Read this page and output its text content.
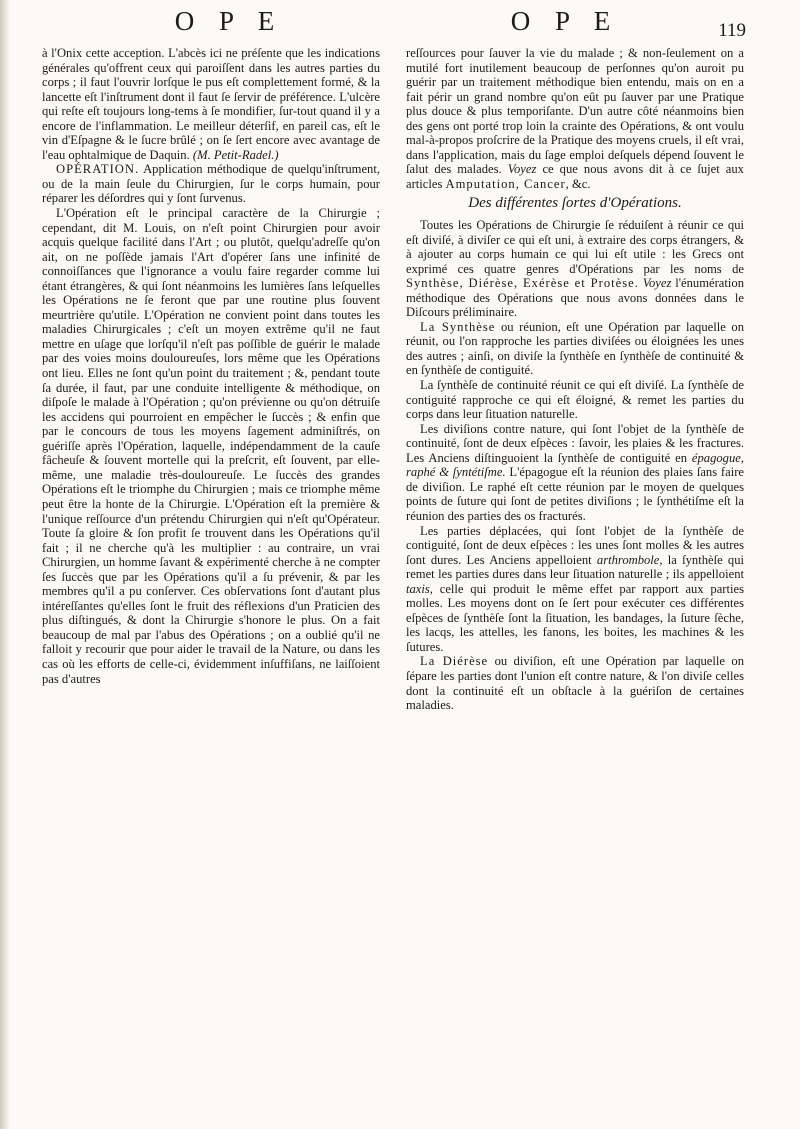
O P E	O P E	119

à l'Onix cette acception. L'abcès ici ne préſente que les indications générales qu'offrent ceux qui paroiſſent dans les autres parties du corps ; il faut l'ouvrir lorſque le pus eſt complettement formé, & la lancette eſt l'inſtrument dont il faut ſe ſervir de préférence. L'ulcère qui reſte eſt toujours long-tems à ſe mondifier, ſur-tout quand il y a encore de l'inflammation. Le meilleur déterſif, en pareil cas, eſt le vin d'Eſpagne & le ſucre brûlé ; on ſe ſert encore avec avantage de l'eau ophtalmique de Daquin. (M. Petit-Radel.)

OPÉRATION. Application méthodique de quelqu'inſtrument, ou de la main ſeule du Chirurgien, ſur le corps humain, pour réparer les déſordres qui y ſont ſurvenus.

L'Opération eſt le principal caractère de la Chirurgie ; cependant, dit M. Louis, on n'eſt point Chirurgien pour avoir acquis quelque facilité dans l'Art ; ou plutôt, quelqu'adreſſe qu'on ait, on ne poſſède jamais l'Art d'opérer ſans une infinité de connoiſſances que l'ignorance a voulu faire regarder comme lui étant étrangères, & qui ſont néanmoins les lumières ſans leſquelles les Opérations ne ſe feront que par une routine plus ſouvent meurtrière qu'utile. L'Opération ne convient point dans toutes les maladies Chirurgicales ; c'eſt un moyen extrême qu'il ne faut mettre en uſage que lorſqu'il n'eſt pas poſſible de guérir le malade par des voies moins douloureuſes, lors même que les Opérations ont lieu. Elles ne ſont qu'un point du traitement ; &, pendant toute ſa durée, il faut, par une conduite intelligente & méthodique, on diſpoſe le malade à l'Opération ; qu'on prévienne ou qu'on détruiſe les accidens qui pourroient en empêcher le ſuccès ; & enfin que par le concours de tous les moyens ſagement adminiſtrés, on guériſſe après l'Opération, laquelle, indépendamment de la cauſe fâcheuſe & ſouvent mortelle qui la preſcrit, eſt ſouvent, par elle-même, une maladie très-douloureuſe. Le ſuccès des grandes Opérations eſt le triomphe du Chirurgien ; mais ce triomphe même peut être la honte de la Chirurgie. L'Opération eſt la première & l'unique reſſource d'un prétendu Chirurgien qui n'eſt qu'Opérateur. Toute ſa gloire & ſon profit ſe trouvent dans les Opérations qu'il fait ; il ne cherche qu'à les multiplier : au contraire, un vrai Chirurgien, un homme ſavant & expérimenté cherche à ne compter ſes ſuccès que par les Opérations qu'il a ſu prévenir, & par les membres qu'il a pu conſerver. Ces obſervations ſont d'autant plus intéreſſantes qu'elles ſont le fruit des réflexions d'un Praticien des plus diſtingués, & dont la Chirurgie s'honore le plus. On a fait beaucoup de mal par l'abus des Opérations ; on a oublié qu'il ne falloit y recourir que pour aider le travail de la Nature, ou dans les cas où les efforts de celle-ci, évidemment inſuffiſans, ne laiſſoient pas d'autres

reſſources pour ſauver la vie du malade ; & non-ſeulement on a mutilé fort inutilement beaucoup de perſonnes qu'on auroit pu guérir par un traitement méthodique bien entendu, mais on en a fait périr un grand nombre qu'on eût pu ſauver par une Pratique plus douce & plus temporiſante. D'un autre côté néanmoins bien des gens ont porté trop loin la crainte des Opérations, & ont voulu mal-à-propos proſcrire de la Pratique des moyens cruels, il eſt vrai, dans l'application, mais du ſage emploi deſquels dépend ſouvent le ſalut des malades. Voyez ce que nous avons dit à ce ſujet aux articles Amputation, Cancer, &c.

Des différentes ſortes d'Opérations.

Toutes les Opérations de Chirurgie ſe réduiſent à réunir ce qui eſt diviſé, à diviſer ce qui eſt uni, à extraire des corps étrangers, & à ajouter au corps humain ce qui lui eſt utile : les Grecs ont exprimé ces quatre genres d'Opérations par les noms de Synthèse, Diérèse, Exérèse et Protèse. Voyez l'énumération méthodique des Opérations que nous avons données dans le Diſcours préliminaire.

La Synthèse ou réunion, eſt une Opération par laquelle on réunit, ou l'on rapproche les parties diviſées ou éloignées les unes des autres ; ainſi, on diviſe la ſynthèſe en ſynthèſe de continuité & en ſynthèſe de contiguité.

La ſynthèſe de continuité réunit ce qui eſt diviſé. La ſynthèſe de contiguité rapproche ce qui eſt éloigné, & remet les parties du corps dans leur ſituation naturelle.

Les diviſions contre nature, qui ſont l'objet de la ſynthèſe de continuité, ſont de deux eſpèces : ſavoir, les plaies & les fractures. Les Anciens diſtinguoient la ſynthèſe de contiguité en épagogue, raphé & ſyntétiſme. L'épagogue eſt la réunion des plaies ſans faire de diviſion. Le raphé eſt cette réunion par le moyen de quelques points de ſuture qui ſont de petites diviſions ; le ſynthétiſme eſt la réunion des parties des os fracturés.

Les parties déplacées, qui ſont l'objet de la ſynthèſe de contiguité, ſont de deux eſpèces : les unes ſont molles & les autres ſont dures. Les Anciens appelloient arthrombole, la ſynthèſe qui remet les parties dures dans leur ſituation naturelle ; ils appelloient taxis, celle qui produit le même effet par rapport aux parties molles. Les moyens dont on ſe ſert pour exécuter ces différentes eſpèces de ſynthèſe ſont la ſituation, les bandages, la ſuture ſèche, les lacqs, les attelles, les fanons, les boites, les machines & les ſutures.

La Diérèse ou diviſion, eſt une Opération par laquelle on ſépare les parties dont l'union eſt contre nature, & l'on diviſe celles dont la continuité eſt un obſtacle à la guériſon de certaines maladies.
